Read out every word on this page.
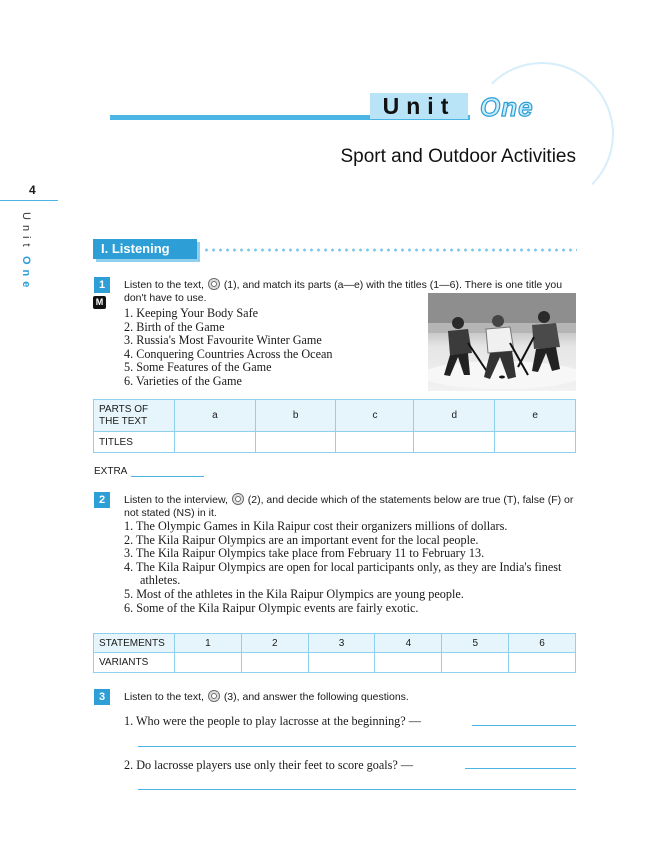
Unit One
Sport and Outdoor Activities
4
UnitOne
I. Listening
1
M
Listen to the text, (1), and match its parts (a—e) with the titles (1—6). There is one title you don't have to use.
1. Keeping Your Body Safe
2. Birth of the Game
3. Russia's Most Favourite Winter Game
4. Conquering Countries Across the Ocean
5. Some Features of the Game
6. Varieties of the Game
PARTS OF THE TEXT	a	b	c	d	e
TITLES					
EXTRA
2	Listen to the interview, (2), and decide which of the statements below are true (T), false (F) or not stated (NS) in it.
1. The Olympic Games in Kila Raipur cost their organizers millions of dollars.
2. The Kila Raipur Olympics are an important event for the local people.
3. The Kila Raipur Olympics take place from February 11 to February 13.
4. The Kila Raipur Olympics are open for local participants only, as they are India's finest athletes.
5. Most of the athletes in the Kila Raipur Olympics are young people.
6. Some of the Kila Raipur Olympic events are fairly exotic.
STATEMENTS	1	2	3	4	5	6
VARIANTS						
3	Listen to the text, (3), and answer the following questions.
1. Who were the people to play lacrosse at the beginning? —
2. Do lacrosse players use only their feet to score goals? —
